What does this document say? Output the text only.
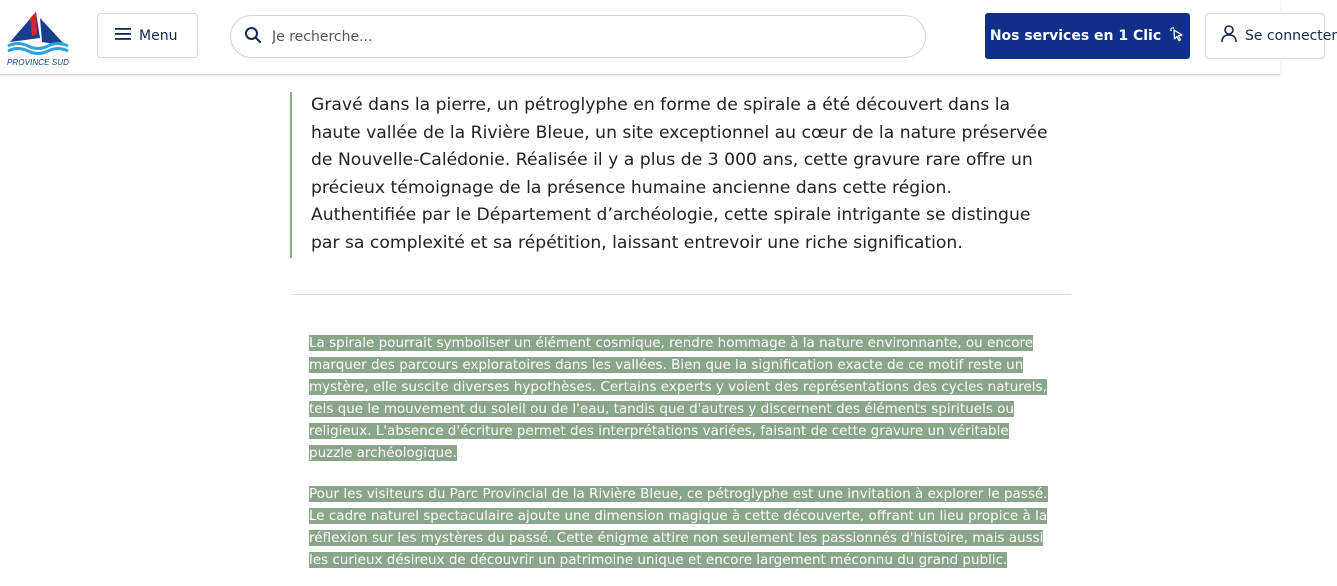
PROVINCE SUD
Menu
Je recherche...	Nos services en 1 Clic	Se connecter

Gravé dans la pierre, un pétroglyphe en forme de spirale a été découvert dans la haute vallée de la Rivière Bleue, un site exceptionnel au cœur de la nature préservée de Nouvelle-Calédonie. Réalisée il y a plus de 3 000 ans, cette gravure rare offre un précieux témoignage de la présence humaine ancienne dans cette région. Authentifiée par le Département d’archéologie, cette spirale intrigante se distingue par sa complexité et sa répétition, laissant entrevoir une riche signification.

La spirale pourrait symboliser un élément cosmique, rendre hommage à la nature environnante, ou encore marquer des parcours exploratoires dans les vallées. Bien que la signification exacte de ce motif reste un mystère, elle suscite diverses hypothèses. Certains experts y voient des représentations des cycles naturels, tels que le mouvement du soleil ou de l'eau, tandis que d'autres y discernent des éléments spirituels ou religieux. L'absence d'écriture permet des interprétations variées, faisant de cette gravure un véritable puzzle archéologique.

Pour les visiteurs du Parc Provincial de la Rivière Bleue, ce pétroglyphe est une invitation à explorer le passé. Le cadre naturel spectaculaire ajoute une dimension magique à cette découverte, offrant un lieu propice à la réflexion sur les mystères du passé. Cette énigme attire non seulement les passionnés d'histoire, mais aussi les curieux désireux de découvrir un patrimoine unique et encore largement méconnu du grand public.
